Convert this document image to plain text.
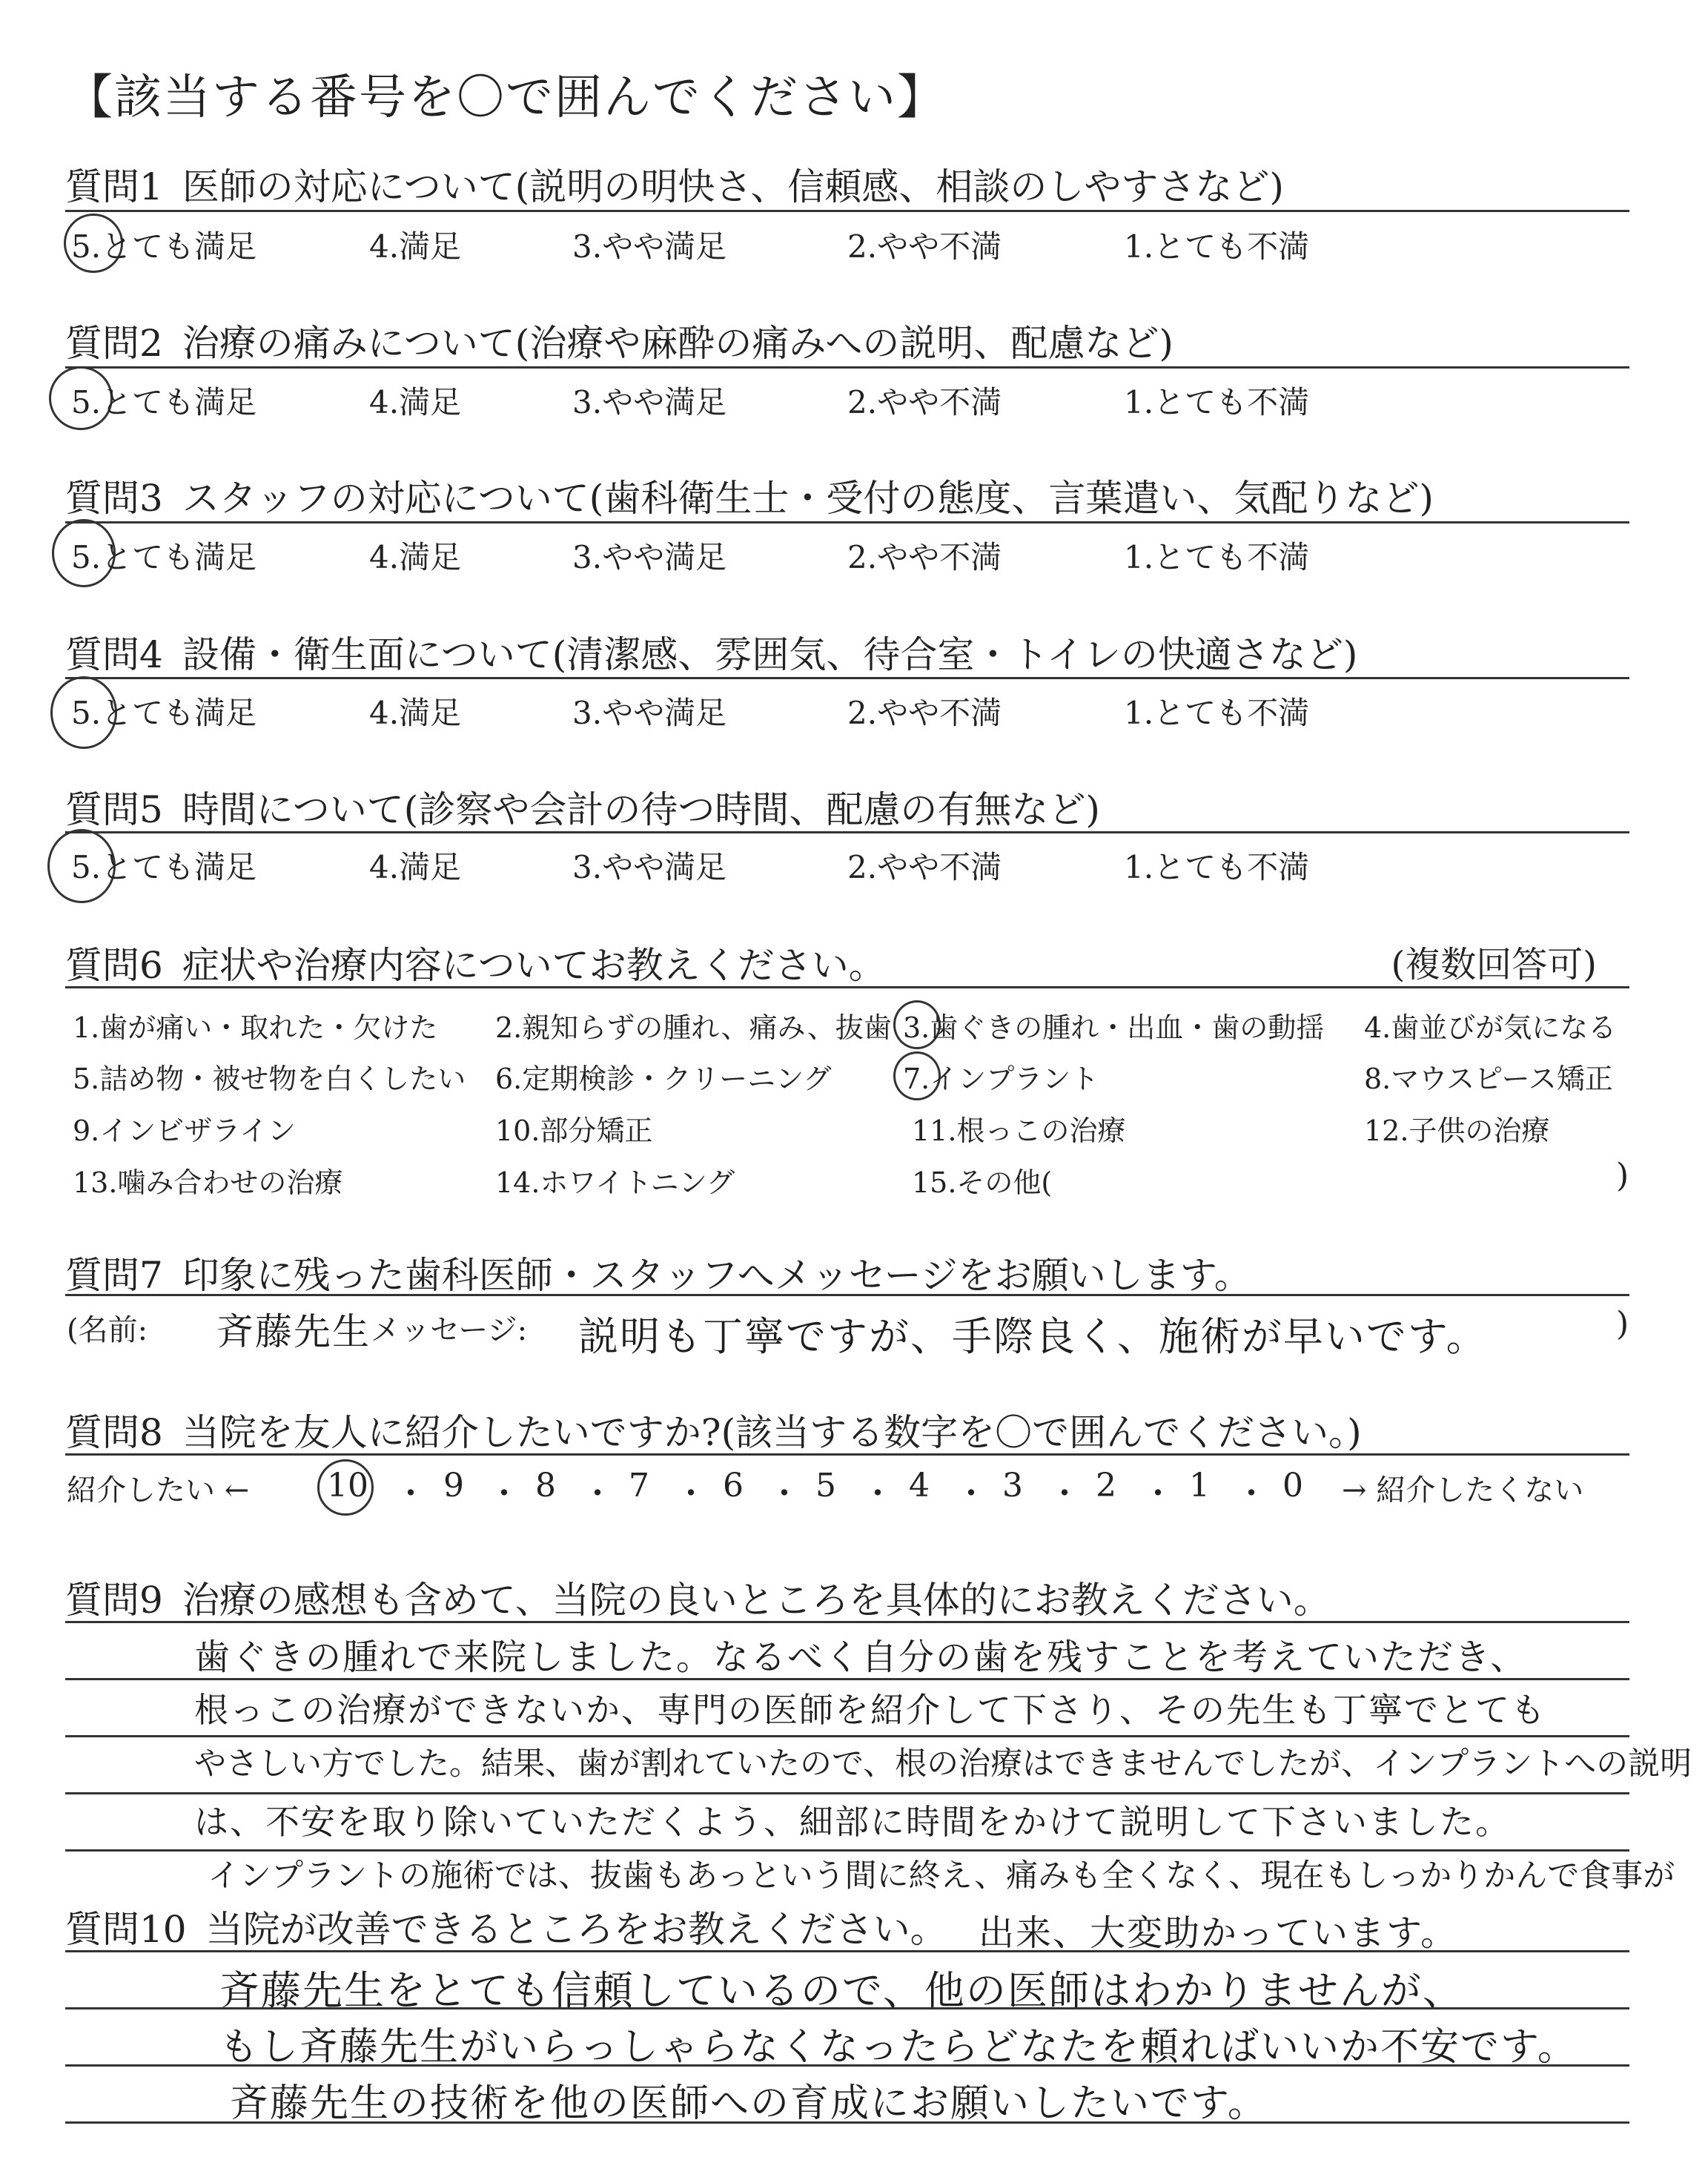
【該当する番号を〇で囲んでください】
質問1 医師の対応について(説明の明快さ、信頼感、相談のしやすさなど)
5.とても満足	4.満足	3.やや満足	2.やや不満	1.とても不満
質問2 治療の痛みについて(治療や麻酔の痛みへの説明、配慮など)
5.とても満足	4.満足	3.やや満足	2.やや不満	1.とても不満
質問3 スタッフの対応について(歯科衛生士・受付の態度、言葉遣い、気配りなど)
5.とても満足	4.満足	3.やや満足	2.やや不満	1.とても不満
質問4 設備・衛生面について(清潔感、雰囲気、待合室・トイレの快適さなど)
5.とても満足	4.満足	3.やや満足	2.やや不満	1.とても不満
質問5 時間について(診察や会計の待つ時間、配慮の有無など)
5.とても満足	4.満足	3.やや満足	2.やや不満	1.とても不満
質問6 症状や治療内容についてお教えください。	(複数回答可)
1.歯が痛い・取れた・欠けた 2.親知らずの腫れ、痛み、抜歯 3.歯ぐきの腫れ・出血・歯の動揺 4.歯並びが気になる
5.詰め物・被せ物を白くしたい 6.定期検診・クリーニング	7.インプラント	8.マウスピース矯正
9.インビザライン	10.部分矯正	11.根っこの治療	12.子供の治療
13.噛み合わせの治療	14.ホワイトニング	15.その他(	)
質問7 印象に残った歯科医師・スタッフへメッセージをお願いします。
(名前: 斉藤先生 メッセージ: 説明も丁寧ですが、手際良く、施術が早いです。	)
質問8 当院を友人に紹介したいですか?(該当する数字を〇で囲んでください。)
紹介したい ← 10 ・ 9 ・ 8 ・ 7 ・ 6 ・ 5 ・ 4 ・ 3 ・ 2 ・ 1 ・ 0 → 紹介したくない
質問9 治療の感想も含めて、当院の良いところを具体的にお教えください。
歯ぐきの腫れで来院しました。なるべく自分の歯を残すことを考えていただき、
根っこの治療ができないか、専門の医師を紹介して下さり、その先生も丁寧でとても
やさしい方でした。結果、歯が割れていたので、根の治療はできませんでしたが、インプラントへの説明
は、不安を取り除いていただくよう、細部に時間をかけて説明して下さいました。
インプラントの施術では、抜歯もあっという間に終え、痛みも全くなく、現在もしっかりかんで食事が
出来、大変助かっています。
質問10 当院が改善できるところをお教えください。
斉藤先生をとても信頼しているので、他の医師はわかりませんが、
もし斉藤先生がいらっしゃらなくなったらどなたを頼ればいいか不安です。
斉藤先生の技術を他の医師への育成にお願いしたいです。
